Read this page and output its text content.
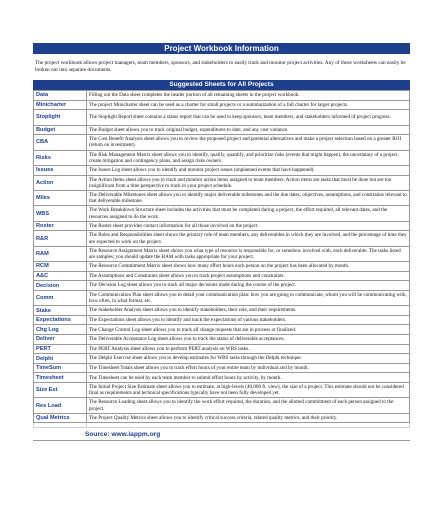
Project Workbook Information
The project workbook allows project managers, team members, sponsors, and stakeholders to easily track and monitor project activities. Any of these worksheets can easily be broken out into separate documents.
Suggested Sheets for All Projects
Data	Filling out the Data sheet completes the header portion of all remaining sheets in the project workbook.
Minicharter	The project Minicharter sheet can be used as a charter for small projects or a summarization of a full charter for larger projects.
Stoplight	The Stoplight Report sheet contains a status report that can be used to keep sponsors, team members, and stakeholders informed of project progress.
Budget	The Budget sheet allows you to track original budget, expenditures to date, and any cost variance.
CBA	The Cost Benefit Analysis sheet allows you to review the proposed project and potential alternatives and make a project selection based on a greater ROI (return on investment).
Risks	The Risk Management Matrix sheet allows you to identify, qualify, quantify, and prioritize risks (events that might happen), the uncertainty of a project, create mitigation and contingency plans, and assign risks owners.
Issues	The Issues Log sheet allows you to identify and monitor project issues (unplanned events that have happened).
Action	The Action Items sheet allows you to track and monitor action items assigned to team members. Action items are tasks that must be done but are too insignificant from a time perspective to track in your project schedule.
Miles	The Deliverable Milestones sheet allows you to identify major deliverable milestones and the due dates, objectives, assumptions, and constraints relevant to that deliverable milestone.
WBS	The Work Breakdown Structure sheet includes the activities that must be completed during a project, the effort required, all relevant dates, and the resources assigned to do the work.
Roster	The Roster sheet provides contact information for all those involved on the project.
R&R	The Roles and Responsibilities sheet shows the primary role of team members, any deliverables in which they are involved, and the percentage of time they are expected to work on the project.
RAM	The Resource Assignment Matrix sheet shows you what type of resource is responsible for, or somehow involved with, each deliverable. The tasks listed are samples; you should update the RAM with tasks appropriate for your project.
RCM	The Resource Commitment Matrix sheet shows how many effort hours each person on the project has been allocated by month.
A&C	The Assumptions and Constraints sheet allows you to track project assumptions and constraints.
Decision	The Decision Log sheet allows you to track all major decisions made during the course of the project.
Comm	The Communication Plan sheet allows you to detail your communication plan: how you are going to communicate, whom you will be communicating with, how often, in what format, etc.
Stake	The Stakeholder Analysis sheet allows you to identify stakeholders, their role, and their requirements.
Expectations	The Expectations sheet allows you to identify and track the expectations of various stakeholders.
Chg Log	The Change Control Log sheet allows you to track all change requests that are in process or finalized.
Deliver	The Deliverable Acceptance Log sheet allows you to track the status of deliverable acceptances.
PERT	The PERT Analysis sheet allows you to perform PERT analysis on WBS tasks.
Delphi	The Delphi Exercise sheet allows you to develop estimates for WBS tasks through the Delphi technique.
TimeSum	The Timesheet Totals sheet allows you to track effort hours of your entire team by individual and by month.
Timesheet	The Timesheet can be used by each team member to submit effort hours by activity, by month.
Size Est	The Initial Project Size Estimate sheet allows you to estimate, at high-levels (40,000 ft. view), the size of a project. This estimate should not be considered final as requirements and technical specifications typically have not been fully developed yet.
Res Load	The Resource Loading sheet allows you to identify the work effort required, the duration, and the allotted commitment of each person assigned to the project.
Qual Metrics	The Project Quality Metrics sheet allows you to identify critical success criteria, related quality metrics, and their priority.

Source: www.iappm.org
